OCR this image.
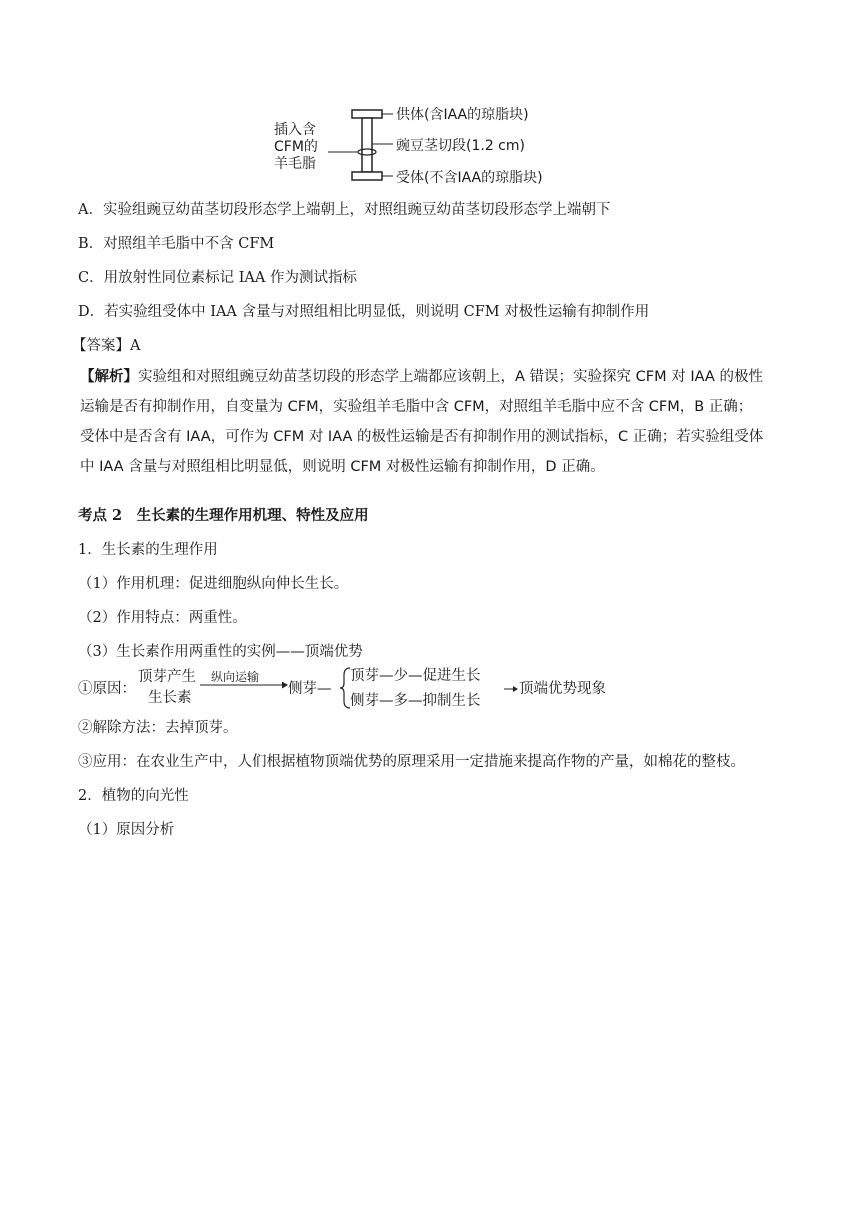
插入含
CFM的
羊毛脂
供体(含IAA的琼脂块)
豌豆茎切段(1.2 cm)
受体(不含IAA的琼脂块)
A．实验组豌豆幼苗茎切段形态学上端朝上，对照组豌豆幼苗茎切段形态学上端朝下
B．对照组羊毛脂中不含 CFM
C．用放射性同位素标记 IAA 作为测试指标
D．若实验组受体中 IAA 含量与对照组相比明显低，则说明 CFM 对极性运输有抑制作用
【答案】A
【解析】实验组和对照组豌豆幼苗茎切段的形态学上端都应该朝上，A 错误；实验探究 CFM 对 IAA 的极性
运输是否有抑制作用，自变量为 CFM，实验组羊毛脂中含 CFM，对照组羊毛脂中应不含 CFM，B 正确；
受体中是否含有 IAA，可作为 CFM 对 IAA 的极性运输是否有抑制作用的测试指标，C 正确；若实验组受体
中 IAA 含量与对照组相比明显低，则说明 CFM 对极性运输有抑制作用，D 正确。
考点 2　生长素的生理作用机理、特性及应用
1．生长素的生理作用
（1）作用机理：促进细胞纵向伸长生长。
（2）作用特点：两重性。
（3）生长素作用两重性的实例——顶端优势
①原因：
顶芽产生
生长素
纵向运输
侧芽—
顶芽—少—促进生长
侧芽—多—抑制生长
顶端优势现象
②解除方法：去掉顶芽。
③应用：在农业生产中，人们根据植物顶端优势的原理采用一定措施来提高作物的产量，如棉花的整枝。
2．植物的向光性
（1）原因分析
